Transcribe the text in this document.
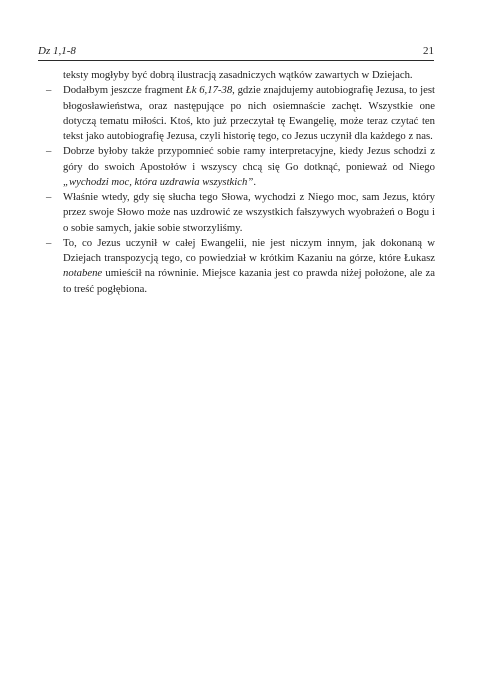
Dz 1,1-8	21

teksty mogłyby być dobrą ilustracją zasadniczych wątków zawartych w Dziejach.

–	Dodałbym jeszcze fragment Łk 6,17-38, gdzie znajdujemy autobiografię Jezusa, to jest błogosławieństwa, oraz następujące po nich osiemnaście zachęt. Wszystkie one dotyczą tematu miłości. Ktoś, kto już przeczytał tę Ewangelię, może teraz czytać ten tekst jako autobiografię Jezusa, czyli historię tego, co Jezus uczynił dla każdego z nas.
–	Dobrze byłoby także przypomnieć sobie ramy interpretacyjne, kiedy Jezus schodzi z góry do swoich Apostołów i wszyscy chcą się Go dotknąć, ponieważ od Niego „wychodzi moc, która uzdrawia wszystkich”.
–	Właśnie wtedy, gdy się słucha tego Słowa, wychodzi z Niego moc, sam Jezus, który przez swoje Słowo może nas uzdrowić ze wszystkich fałszywych wyobrażeń o Bogu i o sobie samych, jakie sobie stworzyliśmy.
–	To, co Jezus uczynił w całej Ewangelii, nie jest niczym innym, jak dokonaną w Dziejach transpozycją tego, co powiedział w krótkim Kazaniu na górze, które Łukasz notabene umieścił na równinie. Miejsce kazania jest co prawda niżej położone, ale za to treść pogłębiona.
